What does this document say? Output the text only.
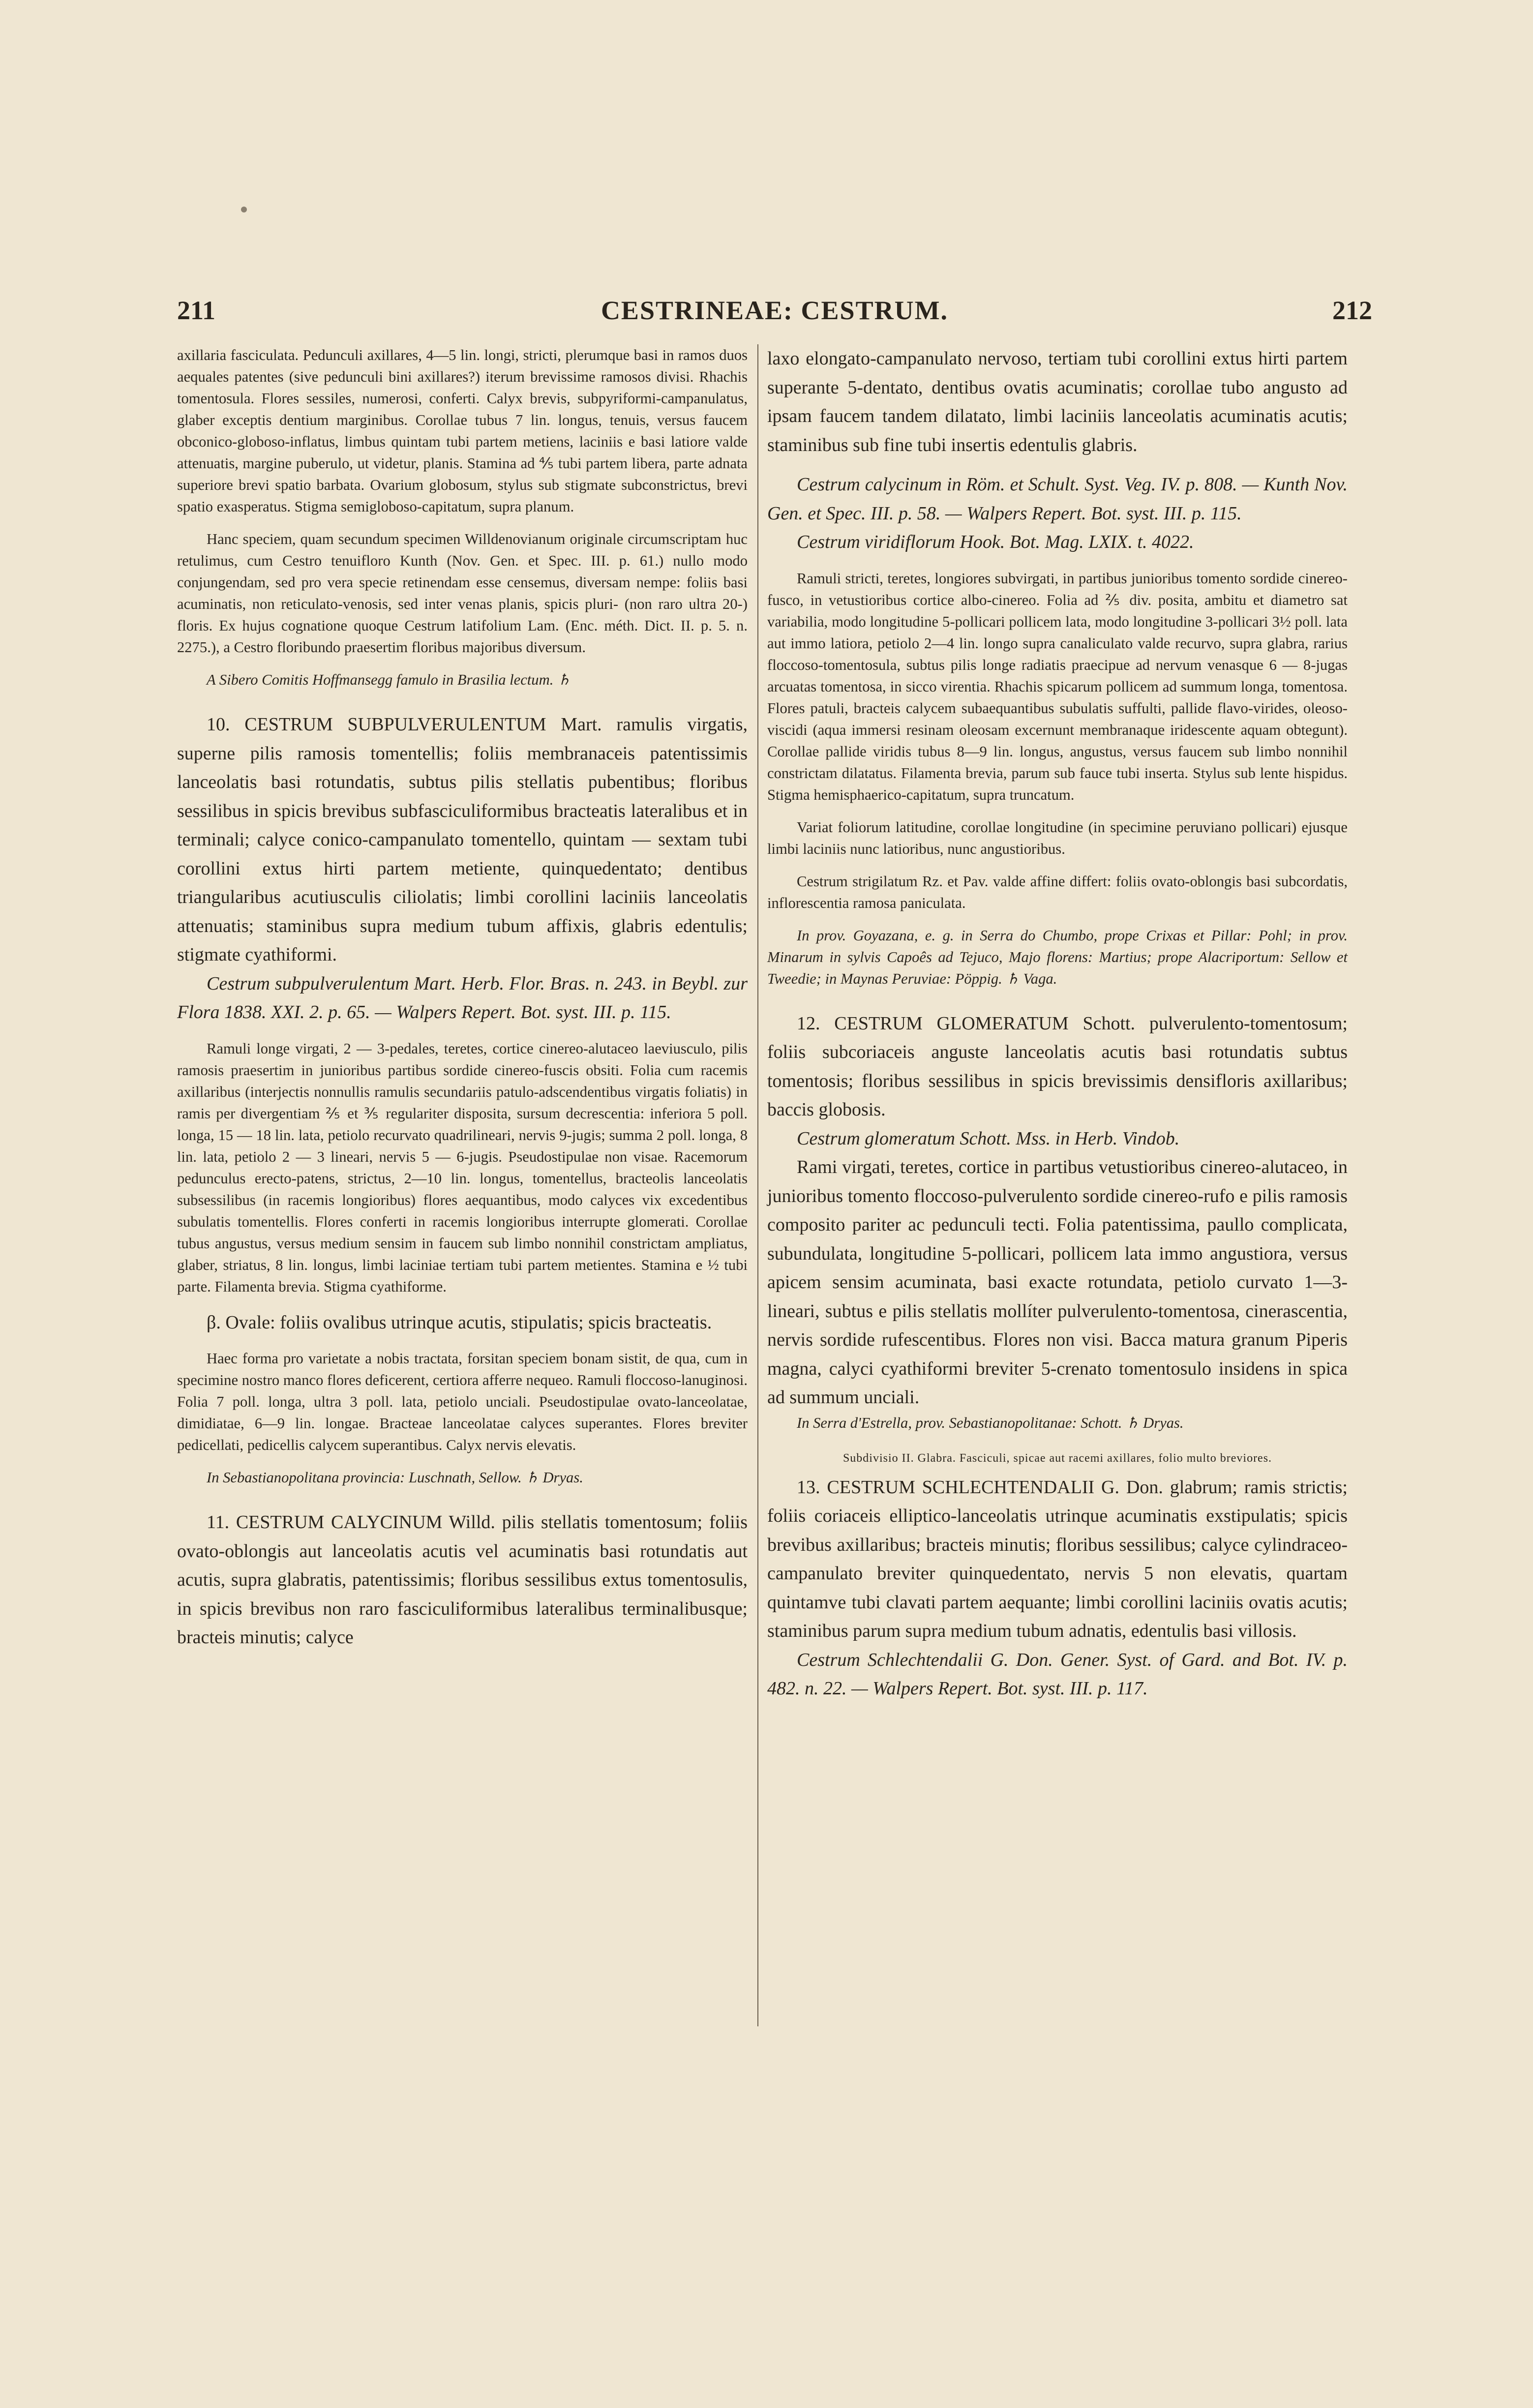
211	CESTRINEAE: CESTRUM.	212

axillaria fasciculata. Pedunculi axillares, 4—5 lin. longi, stricti, plerumque basi in ramos duos aequales patentes (sive pedunculi bini axillares?) iterum brevissime ramosos divisi. Rhachis tomentosula. Flores sessiles, numerosi, conferti. Calyx brevis, subpyriformi-campanulatus, glaber exceptis dentium marginibus. Corollae tubus 7 lin. longus, tenuis, versus faucem obconico-globoso-inflatus, limbus quintam tubi partem metiens, laciniis e basi latiore valde attenuatis, margine puberulo, ut videtur, planis. Stamina ad ⅘ tubi partem libera, parte adnata superiore brevi spatio barbata. Ovarium globosum, stylus sub stigmate subconstrictus, brevi spatio exasperatus. Stigma semigloboso-capitatum, supra planum.

Hanc speciem, quam secundum specimen Willdenovianum originale circumscriptam huc retulimus, cum Cestro tenuifloro Kunth (Nov. Gen. et Spec. III. p. 61.) nullo modo conjungendam, sed pro vera specie retinendam esse censemus, diversam nempe: foliis basi acuminatis, non reticulato-venosis, sed inter venas planis, spicis pluri- (non raro ultra 20-) floris. Ex hujus cognatione quoque Cestrum latifolium Lam. (Enc. méth. Dict. II. p. 5. n. 2275.), a Cestro floribundo praesertim floribus majoribus diversum.

A Sibero Comitis Hoffmansegg famulo in Brasilia lectum. ♄

10. CESTRUM SUBPULVERULENTUM Mart. ramulis virgatis, superne pilis ramosis tomentellis; foliis membranaceis patentissimis lanceolatis basi rotundatis, subtus pilis stellatis pubentibus; floribus sessilibus in spicis brevibus subfasciculiformibus bracteatis lateralibus et in terminali; calyce conico-campanulato tomentello, quintam — sextam tubi corollini extus hirti partem metiente, quinquedentato; dentibus triangularibus acutiusculis ciliolatis; limbi corollini laciniis lanceolatis attenuatis; staminibus supra medium tubum affixis, glabris edentulis; stigmate cyathiformi.

Cestrum subpulverulentum Mart. Herb. Flor. Bras. n. 243. in Beybl. zur Flora 1838. XXI. 2. p. 65. — Walpers Repert. Bot. syst. III. p. 115.

Ramuli longe virgati, 2 — 3-pedales, teretes, cortice cinereo-alutaceo laeviusculo, pilis ramosis praesertim in junioribus partibus sordide cinereo-fuscis obsiti. Folia cum racemis axillaribus (interjectis nonnullis ramulis secundariis patulo-adscendentibus virgatis foliatis) in ramis per divergentiam ⅖ et ⅗ regulariter disposita, sursum decrescentia: inferiora 5 poll. longa, 15 — 18 lin. lata, petiolo recurvato quadrilineari, nervis 9-jugis; summa 2 poll. longa, 8 lin. lata, petiolo 2 — 3 lineari, nervis 5 — 6-jugis. Pseudostipulae non visae. Racemorum pedunculus erecto-patens, strictus, 2—10 lin. longus, tomentellus, bracteolis lanceolatis subsessilibus (in racemis longioribus) flores aequantibus, modo calyces vix excedentibus subulatis tomentellis. Flores conferti in racemis longioribus interrupte glomerati. Corollae tubus angustus, versus medium sensim in faucem sub limbo nonnihil constrictam ampliatus, glaber, striatus, 8 lin. longus, limbi laciniae tertiam tubi partem metientes. Stamina e ½ tubi parte. Filamenta brevia. Stigma cyathiforme.

β. Ovale: foliis ovalibus utrinque acutis, stipulatis; spicis bracteatis.

Haec forma pro varietate a nobis tractata, forsitan speciem bonam sistit, de qua, cum in specimine nostro manco flores deficerent, certiora afferre nequeo. Ramuli floccoso-lanuginosi. Folia 7 poll. longa, ultra 3 poll. lata, petiolo unciali. Pseudostipulae ovato-lanceolatae, dimidiatae, 6—9 lin. longae. Bracteae lanceolatae calyces superantes. Flores breviter pedicellati, pedicellis calycem superantibus. Calyx nervis elevatis.

In Sebastianopolitana provincia: Luschnath, Sellow. ♄ Dryas.

11. CESTRUM CALYCINUM Willd. pilis stellatis tomentosum; foliis ovato-oblongis aut lanceolatis acutis vel acuminatis basi rotundatis aut acutis, supra glabratis, patentissimis; floribus sessilibus extus tomentosulis, in spicis brevibus non raro fasciculiformibus lateralibus terminalibusque; bracteis minutis; calyce

laxo elongato-campanulato nervoso, tertiam tubi corollini extus hirti partem superante 5-dentato, dentibus ovatis acuminatis; corollae tubo angusto ad ipsam faucem tandem dilatato, limbi laciniis lanceolatis acuminatis acutis; staminibus sub fine tubi insertis edentulis glabris.

Cestrum calycinum in Röm. et Schult. Syst. Veg. IV. p. 808. — Kunth Nov. Gen. et Spec. III. p. 58. — Walpers Repert. Bot. syst. III. p. 115.

Cestrum viridiflorum Hook. Bot. Mag. LXIX. t. 4022.

Ramuli stricti, teretes, longiores subvirgati, in partibus junioribus tomento sordide cinereo-fusco, in vetustioribus cortice albo-cinereo. Folia ad ⅖ div. posita, ambitu et diametro sat variabilia, modo longitudine 5-pollicari pollicem lata, modo longitudine 3-pollicari 3½ poll. lata aut immo latiora, petiolo 2—4 lin. longo supra canaliculato valde recurvo, supra glabra, rarius floccoso-tomentosula, subtus pilis longe radiatis praecipue ad nervum venasque 6 — 8-jugas arcuatas tomentosa, in sicco virentia. Rhachis spicarum pollicem ad summum longa, tomentosa. Flores patuli, bracteis calycem subaequantibus subulatis suffulti, pallide flavo-virides, oleoso-viscidi (aqua immersi resinam oleosam excernunt membranaque iridescente aquam obtegunt). Corollae pallide viridis tubus 8—9 lin. longus, angustus, versus faucem sub limbo nonnihil constrictam dilatatus. Filamenta brevia, parum sub fauce tubi inserta. Stylus sub lente hispidus. Stigma hemisphaerico-capitatum, supra truncatum.

Variat foliorum latitudine, corollae longitudine (in specimine peruviano pollicari) ejusque limbi laciniis nunc latioribus, nunc angustioribus.

Cestrum strigilatum Rz. et Pav. valde affine differt: foliis ovato-oblongis basi subcordatis, inflorescentia ramosa paniculata.

In prov. Goyazana, e. g. in Serra do Chumbo, prope Crixas et Pillar: Pohl; in prov. Minarum in sylvis Capoês ad Tejuco, Majo florens: Martius; prope Alacriportum: Sellow et Tweedie; in Maynas Peruviae: Pöppig. ♄ Vaga.

12. CESTRUM GLOMERATUM Schott. pulverulento-tomentosum; foliis subcoriaceis anguste lanceolatis acutis basi rotundatis subtus tomentosis; floribus sessilibus in spicis brevissimis densifloris axillaribus; baccis globosis.

Cestrum glomeratum Schott. Mss. in Herb. Vindob.

Rami virgati, teretes, cortice in partibus vetustioribus cinereo-alutaceo, in junioribus tomento floccoso-pulverulento sordide cinereo-rufo e pilis ramosis composito pariter ac pedunculi tecti. Folia patentissima, paullo complicata, subundulata, longitudine 5-pollicari, pollicem lata immo angustiora, versus apicem sensim acuminata, basi exacte rotundata, petiolo curvato 1—3-lineari, subtus e pilis stellatis mollíter pulverulento-tomentosa, cinerascentia, nervis sordide rufescentibus. Flores non visi. Bacca matura granum Piperis magna, calyci cyathiformi breviter 5-crenato tomentosulo insidens in spica ad summum unciali.

In Serra d'Estrella, prov. Sebastianopolitanae: Schott. ♄ Dryas.

Subdivisio II. Glabra. Fasciculi, spicae aut racemi axillares, folio multo breviores.

13. CESTRUM SCHLECHTENDALII G. Don. glabrum; ramis strictis; foliis coriaceis elliptico-lanceolatis utrinque acuminatis exstipulatis; spicis brevibus axillaribus; bracteis minutis; floribus sessilibus; calyce cylindraceo-campanulato breviter quinquedentato, nervis 5 non elevatis, quartam quintamve tubi clavati partem aequante; limbi corollini laciniis ovatis acutis; staminibus parum supra medium tubum adnatis, edentulis basi villosis.

Cestrum Schlechtendalii G. Don. Gener. Syst. of Gard. and Bot. IV. p. 482. n. 22. — Walpers Repert. Bot. syst. III. p. 117.
